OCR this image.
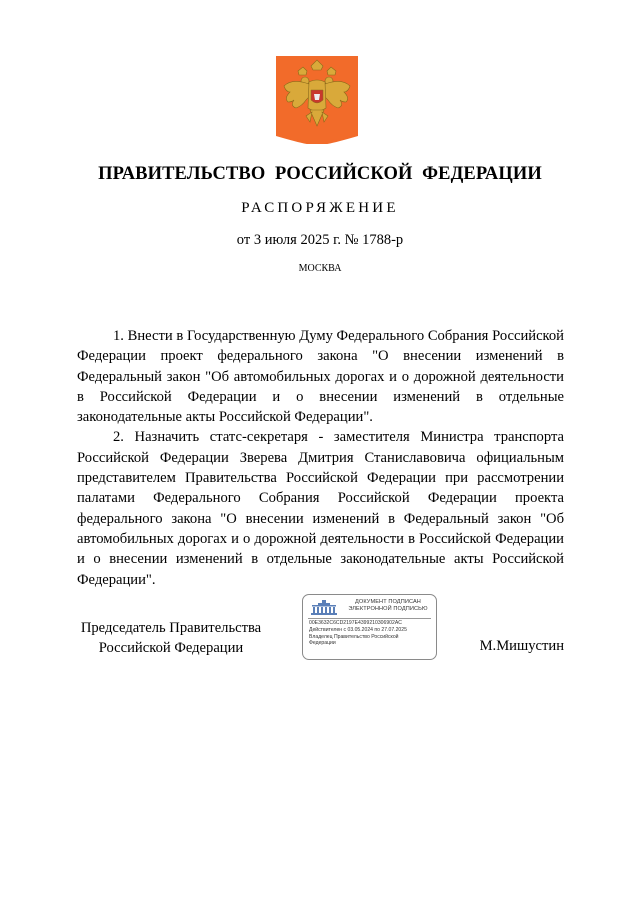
ПРАВИТЕЛЬСТВО РОССИЙСКОЙ ФЕДЕРАЦИИ
РАСПОРЯЖЕНИЕ
от 3 июля 2025 г. № 1788-р
МОСКВА

1. Внести в Государственную Думу Федерального Собрания Российской Федерации проект федерального закона "О внесении изменений в Федеральный закон "Об автомобильных дорогах и о дорожной деятельности в Российской Федерации и о внесении изменений в отдельные законодательные акты Российской Федерации".

2. Назначить статс-секретаря - заместителя Министра транспорта Российской Федерации Зверева Дмитрия Станиславовича официальным представителем Правительства Российской Федерации при рассмотрении палатами Федерального Собрания Российской Федерации проекта федерального закона "О внесении изменений в Федеральный закон "Об автомобильных дорогах и о дорожной деятельности в Российской Федерации и о внесении изменений в отдельные законодательные акты Российской Федерации".

Председатель Правительства
Российской Федерации
ДОКУМЕНТ ПОДПИСАН
ЭЛЕКТРОННОЙ ПОДПИСЬЮ
00E3632C6CD2197E4399210306902AC
Действителен с 03.05.2024 по 27.07.2025
Владелец Правительство Российской
Федерации	М.Мишустин
